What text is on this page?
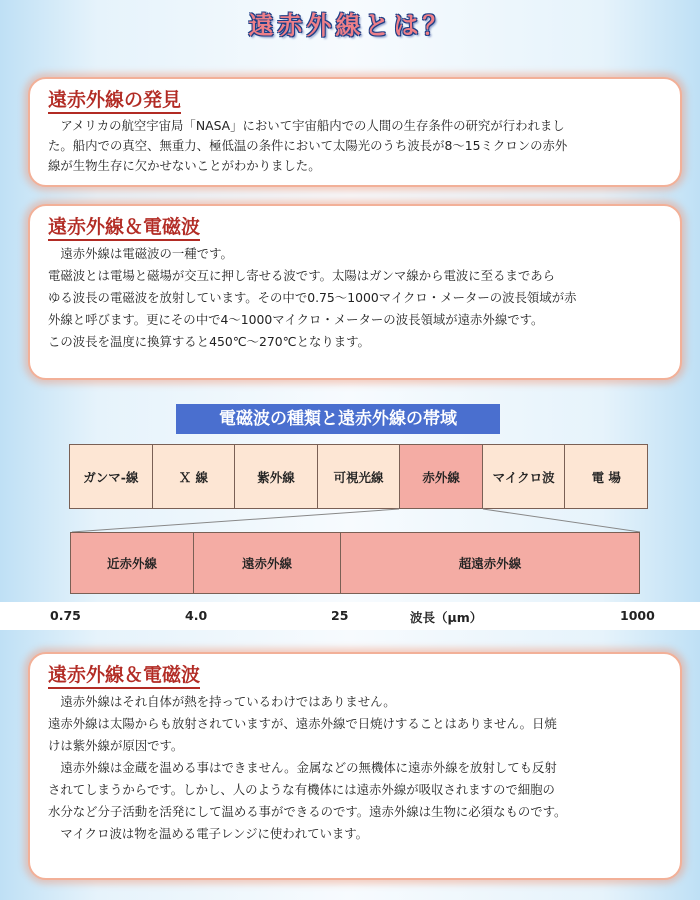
遠赤外線とは？
遠赤外線の発見

　アメリカの航空宇宙局「NASA」において宇宙船内での人間の生存条件の研究が行われまし

た。船内での真空、無重力、極低温の条件において太陽光のうち波長が8～15ミクロンの赤外

線が生物生存に欠かせないことがわかりました。

遠赤外線＆電磁波

　遠赤外線は電磁波の一種です。

電磁波とは電場と磁場が交互に押し寄せる波です。太陽はガンマ線から電波に至るまであら

ゆる波長の電磁波を放射しています。その中で0.75～1000マイクロ・メーターの波長領域が赤

外線と呼びます。更にその中で4～1000マイクロ・メーターの波長領域が遠赤外線です。

この波長を温度に換算すると450℃～270℃となります。

電磁波の種類と遠赤外線の帯域
ガンマ-線	Ｘ 線	紫外線	可視光線	赤外線	マイクロ波	電 場
近赤外線	遠赤外線	超遠赤外線
0.75	4.0	25	波長（μm）	1000
遠赤外線＆電磁波

　遠赤外線はそれ自体が熱を持っているわけではありません。

遠赤外線は太陽からも放射されていますが、遠赤外線で日焼けすることはありません。日焼

けは紫外線が原因です。

　遠赤外線は金蔵を温める事はできません。金属などの無機体に遠赤外線を放射しても反射

されてしまうからです。しかし、人のような有機体には遠赤外線が吸収されますので細胞の

水分など分子活動を活発にして温める事ができるのです。遠赤外線は生物に必須なものです。

　マイクロ波は物を温める電子レンジに使われています。
